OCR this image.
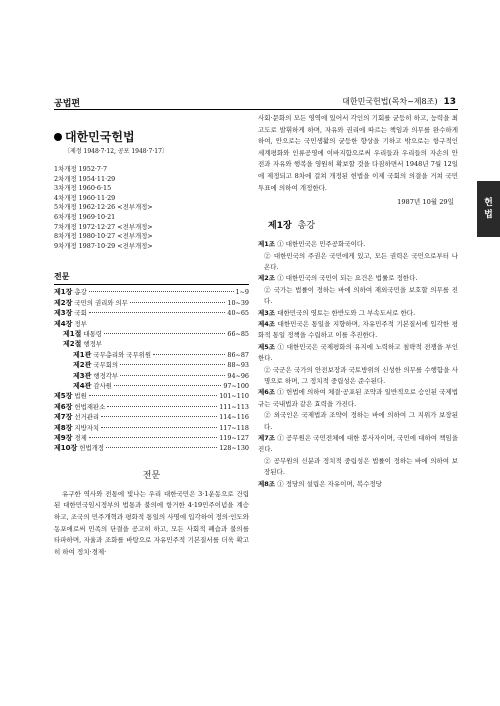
공법편	대한민국헌법(목차~제8조) 13
헌
법
대한민국헌법
〔제정 1948·7·12, 공포 1948·7·17〕
1차개정 1952·7·7
2차개정 1954·11·29
3차개정 1960·6·15
4차개정 1960·11·29
5차개정 1962·12·26 <전부개정>
6차개정 1969·10·21
7차개정 1972·12·27 <전부개정>
8차개정 1980·10·27 <전부개정>
9차개정 1987·10·29 <전부개정>
전문
제1장 총강	1~9
제2장 국민의 권리와 의무	10~39
제3장 국회	40~65
제4장 정부
제1절 대통령	66~85
제2절 행정부
제1관 국무총리와 국무위원	86~87
제2관 국무회의	88~93
제3관 행정각부	94~96
제4관 감사원	97~100
제5장 법원	101~110
제6장 헌법재판소	111~113
제7장 선거관리	114~116
제8장 지방자치	117~118
제9장 경제	119~127
제10장 헌법개정	128~130
전문
유구한 역사와 전통에 빛나는 우리 대한국민은 3·1운동으로 건립된 대한민국임시정부의 법통과 불의에 항거한 4·19민주이념을 계승하고, 조국의 민주개혁과 평화적 통일의 사명에 입각하여 정의·인도와 동포애로써 민족의 단결을 공고히 하고, 모든 사회적 폐습과 불의를 타파하며, 자율과 조화를 바탕으로 자유민주적 기본질서를 더욱 확고히 하여 정치·경제·
사회·문화의 모든 영역에 있어서 각인의 기회를 균등히 하고, 능력을 최고도로 발휘하게 하며, 자유와 권리에 따르는 책임과 의무를 완수하게 하여, 안으로는 국민생활의 균등한 향상을 기하고 밖으로는 항구적인 세계평화와 인류공영에 이바지함으로써 우리들과 우리들의 자손의 안전과 자유와 행복을 영원히 확보할 것을 다짐하면서 1948년 7월 12일에 제정되고 8차에 걸쳐 개정된 헌법을 이제 국회의 의결을 거쳐 국민투표에 의하여 개정한다.
1987년 10월 29일
제1장 총강
제1조 ① 대한민국은 민주공화국이다.
② 대한민국의 주권은 국민에게 있고, 모든 권력은 국민으로부터 나온다.
제2조 ① 대한민국의 국민이 되는 요건은 법률로 정한다.
② 국가는 법률이 정하는 바에 의하여 재외국민을 보호할 의무를 진다.
제3조 대한민국의 영토는 한반도와 그 부속도서로 한다.
제4조 대한민국은 통일을 지향하며, 자유민주적 기본질서에 입각한 평화적 통일 정책을 수립하고 이를 추진한다.
제5조 ① 대한민국은 국제평화의 유지에 노력하고 침략적 전쟁을 부인한다.
② 국군은 국가의 안전보장과 국토방위의 신성한 의무를 수행함을 사명으로 하며, 그 정치적 중립성은 준수된다.
제6조 ① 헌법에 의하여 체결·공포된 조약과 일반적으로 승인된 국제법규는 국내법과 같은 효력을 가진다.
② 외국인은 국제법과 조약이 정하는 바에 의하여 그 지위가 보장된다.
제7조 ① 공무원은 국민전체에 대한 봉사자이며, 국민에 대하여 책임을 진다.
② 공무원의 신분과 정치적 중립성은 법률이 정하는 바에 의하여 보장된다.
제8조 ① 정당의 설립은 자유이며, 복수정당
